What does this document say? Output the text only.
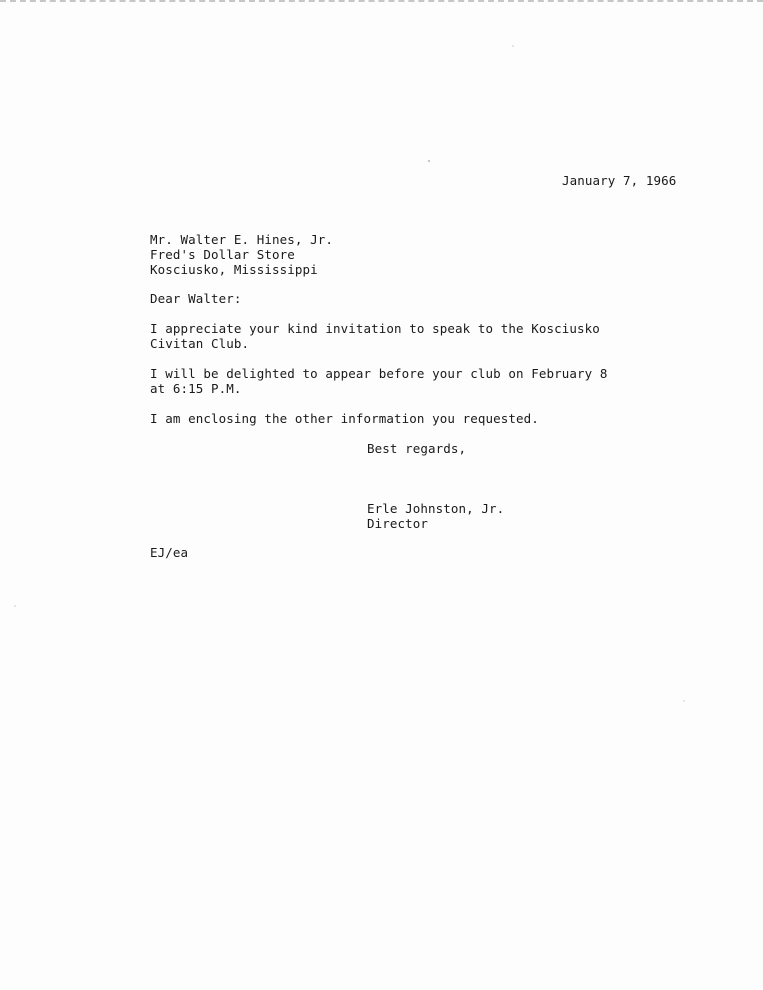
January 7, 1966
Mr. Walter E. Hines, Jr.
Fred's Dollar Store
Kosciusko, Mississippi
Dear Walter:
I appreciate your kind invitation to speak to the Kosciusko
Civitan Club.
I will be delighted to appear before your club on February 8
at 6:15 P.M.
I am enclosing the other information you requested.
Best regards,
Erle Johnston, Jr.
Director
EJ/ea
